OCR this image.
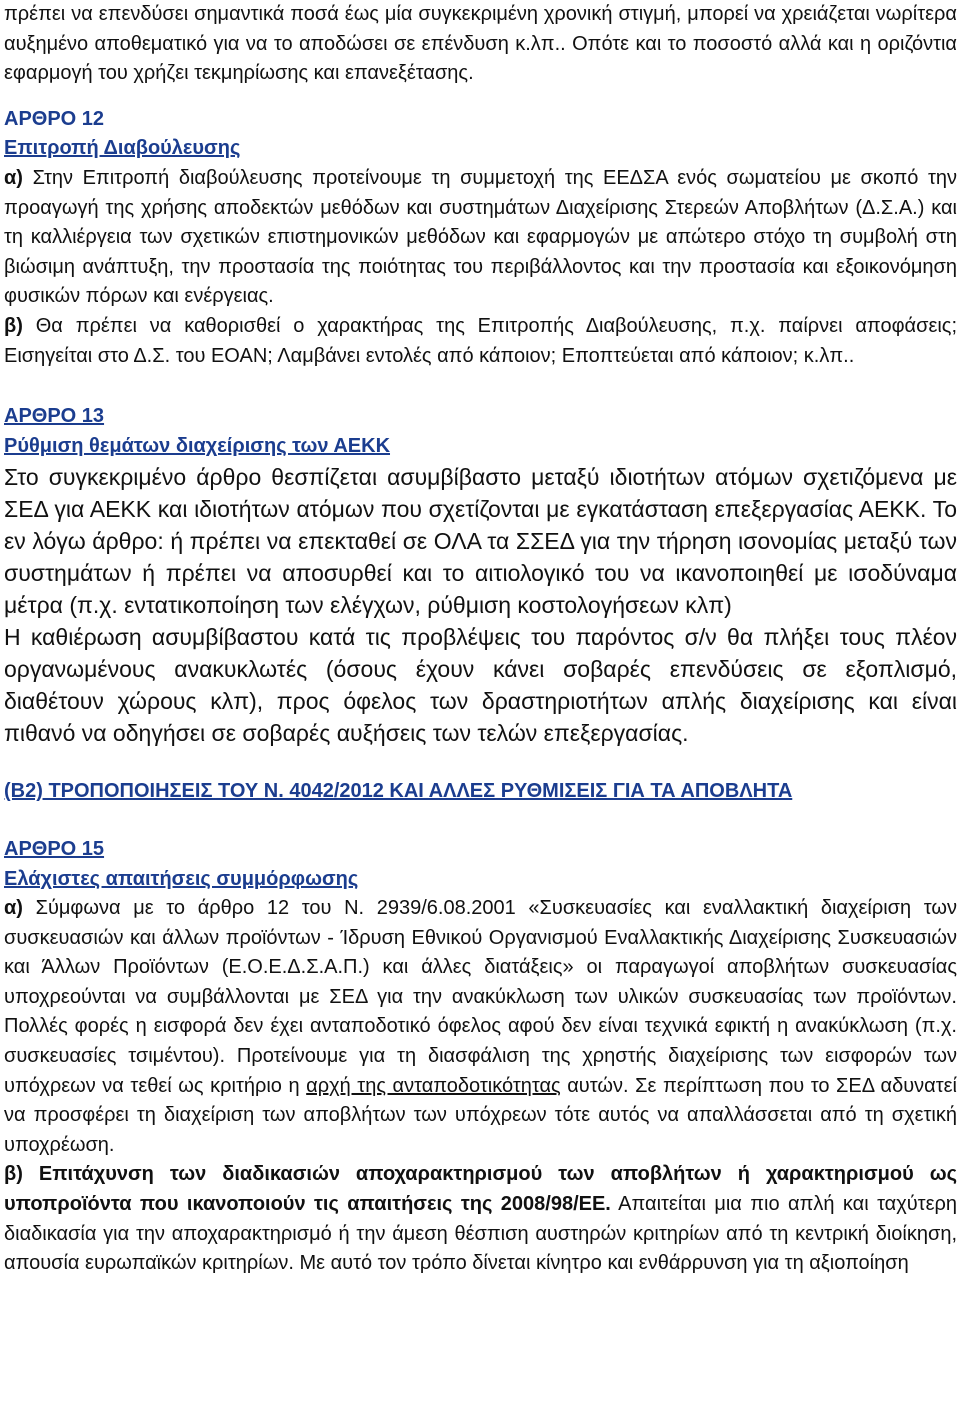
πρέπει να επενδύσει σημαντικά ποσά έως μία συγκεκριμένη χρονική στιγμή, μπορεί να χρειάζεται νωρίτερα αυξημένο αποθεματικό για να το αποδώσει σε επένδυση κ.λπ.. Οπότε και το ποσοστό αλλά και η οριζόντια εφαρμογή του χρήζει τεκμηρίωσης και επανεξέτασης.

ΑΡΘΡΟ 12

Επιτροπή Διαβούλευσης

α) Στην Επιτροπή διαβούλευσης προτείνουμε τη συμμετοχή της ΕΕΔΣΑ ενός σωματείου με σκοπό την προαγωγή της χρήσης αποδεκτών μεθόδων και συστημάτων Διαχείρισης Στερεών Αποβλήτων (Δ.Σ.Α.) και τη καλλιέργεια των σχετικών επιστημονικών μεθόδων και εφαρμογών με απώτερο στόχο τη συμβολή στη βιώσιμη ανάπτυξη, την προστασία της ποιότητας του περιβάλλοντος και την προστασία και εξοικονόμηση φυσικών πόρων και ενέργειας.

β) Θα πρέπει να καθορισθεί ο χαρακτήρας της Επιτροπής Διαβούλευσης, π.χ. παίρνει αποφάσεις; Εισηγείται στο Δ.Σ. του ΕΟΑΝ; Λαμβάνει εντολές από κάποιον; Εποπτεύεται από κάποιον; κ.λπ..

ΑΡΘΡΟ 13

Ρύθμιση θεμάτων διαχείρισης των ΑΕΚΚ

Στο συγκεκριμένο άρθρο θεσπίζεται ασυμβίβαστο μεταξύ ιδιοτήτων ατόμων σχετιζόμενα με ΣΕΔ για ΑΕΚΚ και ιδιοτήτων ατόμων που σχετίζονται με εγκατάσταση επεξεργασίας ΑΕΚΚ. Το εν λόγω άρθρο: ή πρέπει να επεκταθεί σε ΟΛΑ τα ΣΣΕΔ για την τήρηση ισονομίας μεταξύ των συστημάτων ή πρέπει να αποσυρθεί και το αιτιολογικό του να ικανοποιηθεί με ισοδύναμα μέτρα (π.χ. εντατικοποίηση των ελέγχων, ρύθμιση κοστολογήσεων κλπ)

Η καθιέρωση ασυμβίβαστου κατά τις προβλέψεις του παρόντος σ/ν θα πλήξει τους πλέον οργανωμένους ανακυκλωτές (όσους έχουν κάνει σοβαρές επενδύσεις σε εξοπλισμό, διαθέτουν χώρους κλπ), προς όφελος των δραστηριοτήτων απλής διαχείρισης και είναι πιθανό να οδηγήσει σε σοβαρές αυξήσεις των τελών επεξεργασίας.

(Β2) ΤΡΟΠΟΠΟΙΗΣΕΙΣ ΤΟΥ Ν. 4042/2012 ΚΑΙ ΑΛΛΕΣ ΡΥΘΜΙΣΕΙΣ ΓΙΑ ΤΑ ΑΠΟΒΛΗΤΑ

ΑΡΘΡΟ 15

Ελάχιστες απαιτήσεις συμμόρφωσης

α) Σύμφωνα με το άρθρο 12 του Ν. 2939/6.08.2001 «Συσκευασίες και εναλλακτική διαχείριση των συσκευασιών και άλλων προϊόντων - Ίδρυση Εθνικού Οργανισμού Εναλλακτικής Διαχείρισης Συσκευασιών και Άλλων Προϊόντων (Ε.Ο.Ε.Δ.Σ.Α.Π.) και άλλες διατάξεις» οι παραγωγοί αποβλήτων συσκευασίας υποχρεούνται να συμβάλλονται με ΣΕΔ για την ανακύκλωση των υλικών συσκευασίας των προϊόντων. Πολλές φορές η εισφορά δεν έχει ανταποδοτικό όφελος αφού δεν είναι τεχνικά εφικτή η ανακύκλωση (π.χ. συσκευασίες τσιμέντου). Προτείνουμε για τη διασφάλιση της χρηστής διαχείρισης των εισφορών των υπόχρεων να τεθεί ως κριτήριο η αρχή της ανταποδοτικότητας αυτών. Σε περίπτωση που το ΣΕΔ αδυνατεί να προσφέρει τη διαχείριση των αποβλήτων των υπόχρεων τότε αυτός να απαλλάσσεται από τη σχετική υποχρέωση.

β) Επιτάχυνση των διαδικασιών αποχαρακτηρισμού των αποβλήτων ή χαρακτηρισμού ως υποπροϊόντα που ικανοποιούν τις απαιτήσεις της 2008/98/ΕΕ. Απαιτείται μια πιο απλή και ταχύτερη διαδικασία για την αποχαρακτηρισμό ή την άμεση θέσπιση αυστηρών κριτηρίων από τη κεντρική διοίκηση, απουσία ευρωπαϊκών κριτηρίων. Με αυτό τον τρόπο δίνεται κίνητρο και ενθάρρυνση για τη αξιοποίηση
